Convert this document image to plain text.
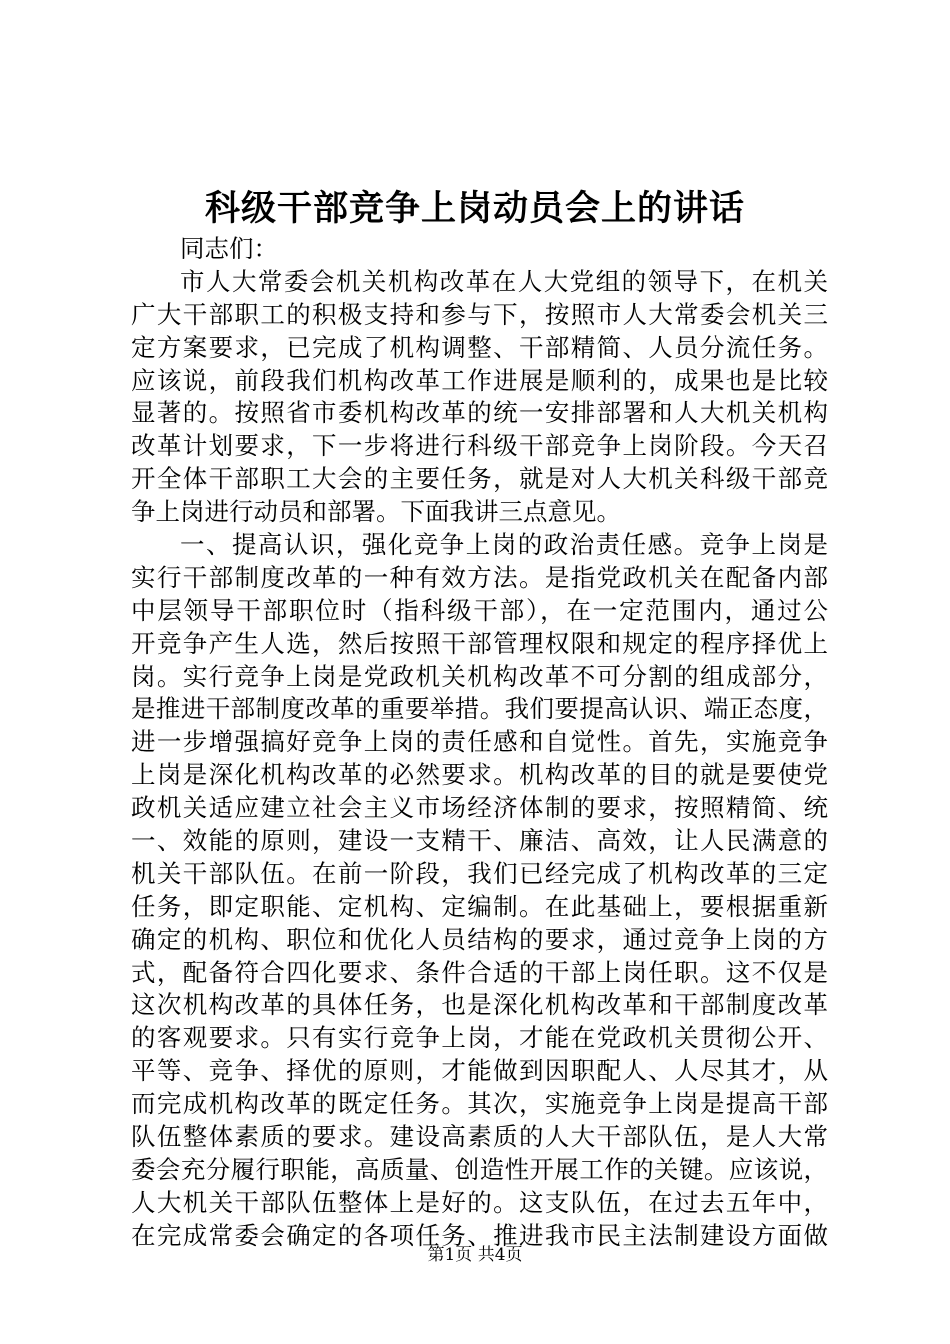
科级干部竞争上岗动员会上的讲话
同志们：
市人大常委会机关机构改革在人大党组的领导下，在机关
广大干部职工的积极支持和参与下，按照市人大常委会机关三
定方案要求，已完成了机构调整、干部精简、人员分流任务。
应该说，前段我们机构改革工作进展是顺利的，成果也是比较
显著的。按照省市委机构改革的统一安排部署和人大机关机构
改革计划要求，下一步将进行科级干部竞争上岗阶段。今天召
开全体干部职工大会的主要任务，就是对人大机关科级干部竞
争上岗进行动员和部署。下面我讲三点意见。
一、提高认识，强化竞争上岗的政治责任感。竞争上岗是
实行干部制度改革的一种有效方法。是指党政机关在配备内部
中层领导干部职位时（指科级干部），在一定范围内，通过公
开竞争产生人选，然后按照干部管理权限和规定的程序择优上
岗。实行竞争上岗是党政机关机构改革不可分割的组成部分，
是推进干部制度改革的重要举措。我们要提高认识、端正态度，
进一步增强搞好竞争上岗的责任感和自觉性。首先，实施竞争
上岗是深化机构改革的必然要求。机构改革的目的就是要使党
政机关适应建立社会主义市场经济体制的要求，按照精简、统
一、效能的原则，建设一支精干、廉洁、高效，让人民满意的
机关干部队伍。在前一阶段，我们已经完成了机构改革的三定
任务，即定职能、定机构、定编制。在此基础上，要根据重新
确定的机构、职位和优化人员结构的要求，通过竞争上岗的方
式，配备符合四化要求、条件合适的干部上岗任职。这不仅是
这次机构改革的具体任务，也是深化机构改革和干部制度改革
的客观要求。只有实行竞争上岗，才能在党政机关贯彻公开、
平等、竞争、择优的原则，才能做到因职配人、人尽其才，从
而完成机构改革的既定任务。其次，实施竞争上岗是提高干部
队伍整体素质的要求。建设高素质的人大干部队伍，是人大常
委会充分履行职能，高质量、创造性开展工作的关键。应该说，
人大机关干部队伍整体上是好的。这支队伍，在过去五年中，
在完成常委会确定的各项任务、推进我市民主法制建设方面做
第1页 共4页
